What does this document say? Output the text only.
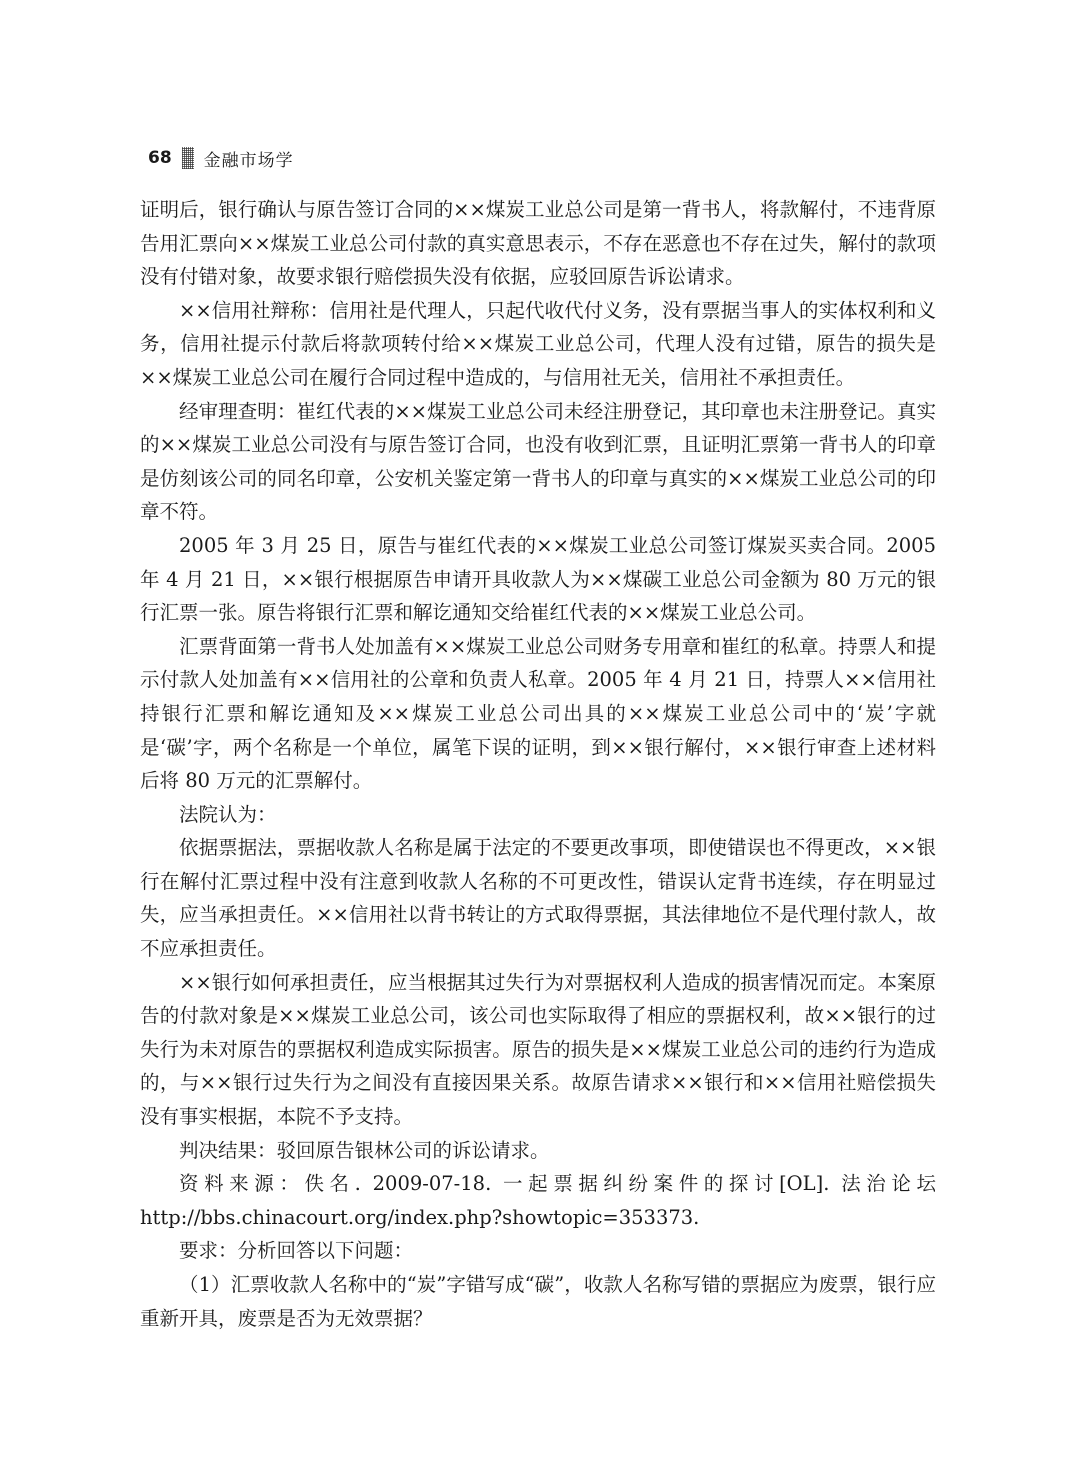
68 金融市场学

证明后，银行确认与原告签订合同的××煤炭工业总公司是第一背书人，将款解付，不违背原告用汇票向××煤炭工业总公司付款的真实意思表示，不存在恶意也不存在过失，解付的款项没有付错对象，故要求银行赔偿损失没有依据，应驳回原告诉讼请求。

××信用社辩称：信用社是代理人，只起代收代付义务，没有票据当事人的实体权利和义务，信用社提示付款后将款项转付给××煤炭工业总公司，代理人没有过错，原告的损失是××煤炭工业总公司在履行合同过程中造成的，与信用社无关，信用社不承担责任。

经审理查明：崔红代表的××煤炭工业总公司未经注册登记，其印章也未注册登记。真实的××煤炭工业总公司没有与原告签订合同，也没有收到汇票，且证明汇票第一背书人的印章是仿刻该公司的同名印章，公安机关鉴定第一背书人的印章与真实的××煤炭工业总公司的印章不符。

2005 年 3 月 25 日，原告与崔红代表的××煤炭工业总公司签订煤炭买卖合同。2005 年 4 月 21 日，××银行根据原告申请开具收款人为××煤碳工业总公司金额为 80 万元的银行汇票一张。原告将银行汇票和解讫通知交给崔红代表的××煤炭工业总公司。

汇票背面第一背书人处加盖有××煤炭工业总公司财务专用章和崔红的私章。持票人和提示付款人处加盖有××信用社的公章和负责人私章。2005 年 4 月 21 日，持票人××信用社持银行汇票和解讫通知及××煤炭工业总公司出具的××煤炭工业总公司中的‘炭’字就是‘碳’字，两个名称是一个单位，属笔下误的证明，到××银行解付，××银行审查上述材料后将 80 万元的汇票解付。

法院认为：

依据票据法，票据收款人名称是属于法定的不要更改事项，即使错误也不得更改，××银行在解付汇票过程中没有注意到收款人名称的不可更改性，错误认定背书连续，存在明显过失，应当承担责任。××信用社以背书转让的方式取得票据，其法律地位不是代理付款人，故不应承担责任。

××银行如何承担责任，应当根据其过失行为对票据权利人造成的损害情况而定。本案原告的付款对象是××煤炭工业总公司，该公司也实际取得了相应的票据权利，故××银行的过失行为未对原告的票据权利造成实际损害。原告的损失是××煤炭工业总公司的违约行为造成的，与××银行过失行为之间没有直接因果关系。故原告请求××银行和××信用社赔偿损失没有事实根据，本院不予支持。

判决结果：驳回原告银林公司的诉讼请求。

资料来源：佚名. 2009-07-18. 一起票据纠纷案件的探讨[OL]. 法治论坛 http://bbs.chinacourt.org/index.php?showtopic=353373.

要求：分析回答以下问题：

（1）汇票收款人名称中的“炭”字错写成“碳”，收款人名称写错的票据应为废票，银行应重新开具，废票是否为无效票据？
